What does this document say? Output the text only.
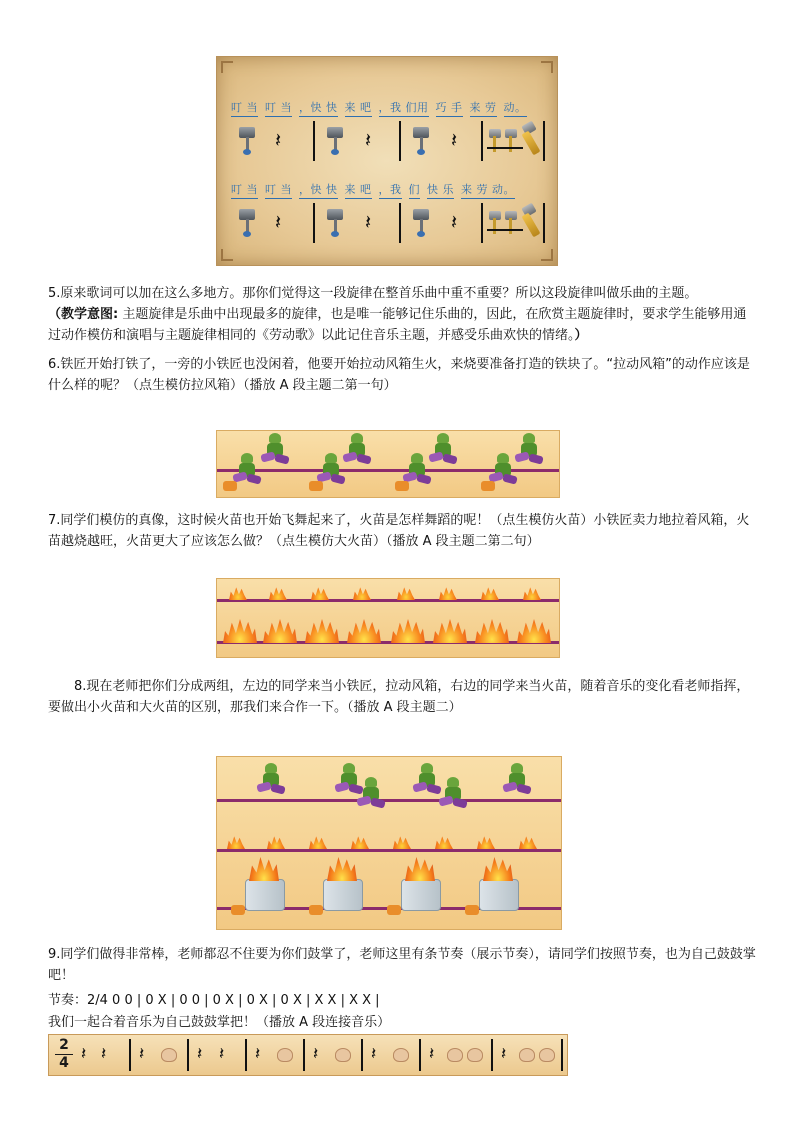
叮 当 叮 当 ，快 快 来 吧 ，我 们用 巧 手 来 劳 动。
𝄽	𝄽	𝄽
叮 当 叮 当 ，快 快 来 吧 ，我 们 快 乐 来 劳 动。
𝄽	𝄽	𝄽

5.原来歌词可以加在这么多地方。那你们觉得这一段旋律在整首乐曲中重不重要？所以这段旋律叫做乐曲的主题。
（教学意图: 主题旋律是乐曲中出现最多的旋律，也是唯一能够记住乐曲的，因此，在欣赏主题旋律时，要求学生能够用通过动作模仿和演唱与主题旋律相同的《劳动歌》以此记住音乐主题，并感受乐曲欢快的情绪。）

6.铁匠开始打铁了，一旁的小铁匠也没闲着，他要开始拉动风箱生火，来烧要准备打造的铁块了。“拉动风箱”的动作应该是什么样的呢？（点生模仿拉风箱）（播放 A 段主题二第一句）

7.同学们模仿的真像，这时候火苗也开始飞舞起来了，火苗是怎样舞蹈的呢！（点生模仿火苗）小铁匠卖力地拉着风箱，火苗越烧越旺，火苗更大了应该怎么做？（点生模仿大火苗）（播放 A 段主题二第二句）

8.现在老师把你们分成两组，左边的同学来当小铁匠，拉动风箱，右边的同学来当火苗，随着音乐的变化看老师指挥，要做出小火苗和大火苗的区别，那我们来合作一下。（播放 A 段主题二）

9.同学们做得非常棒，老师都忍不住要为你们鼓掌了，老师这里有条节奏（展示节奏），请同学们按照节奏，也为自己鼓鼓掌吧！

节奏：2/4 0 0 | 0 X | 0 0 | 0 X | 0 X | 0 X | X X | X X |

我们一起合着音乐为自己鼓鼓掌把！（播放 A 段连接音乐）

2
4 𝄽 𝄽 𝄽	𝄽 𝄽 𝄽	𝄽	𝄽	𝄽	𝄽
